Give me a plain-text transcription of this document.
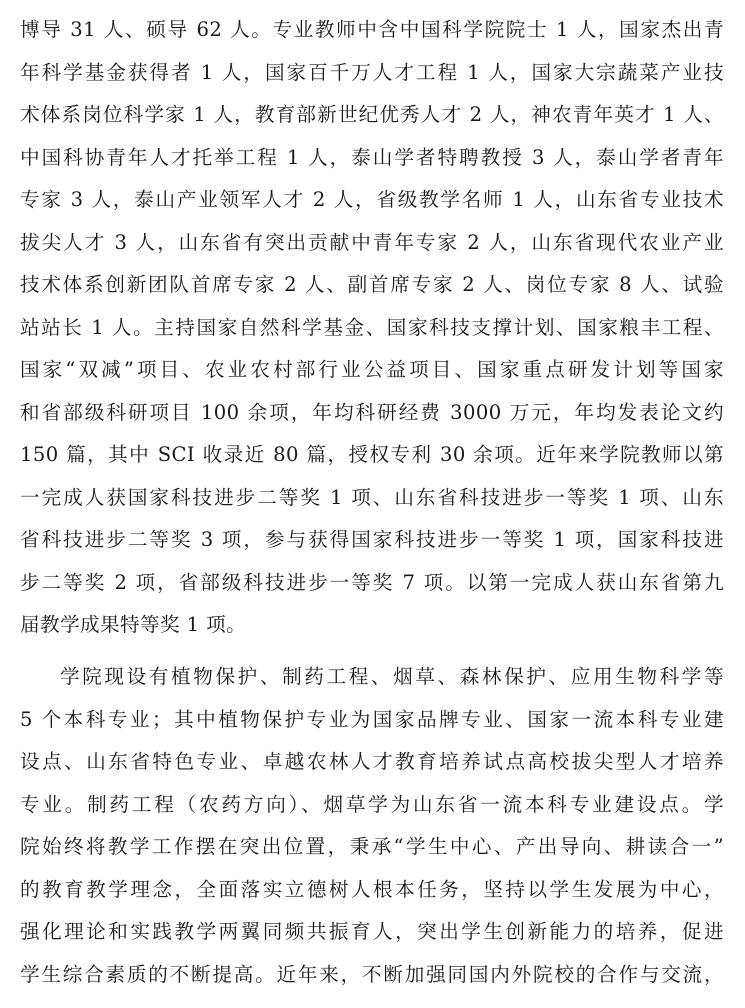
博导 31 人、硕导 62 人。专业教师中含中国科学院院士 1 人，国家杰出青
年科学基金获得者 1 人，国家百千万人才工程 1 人，国家大宗蔬菜产业技
术体系岗位科学家 1 人，教育部新世纪优秀人才 2 人，神农青年英才 1 人、
中国科协青年人才托举工程 1 人，泰山学者特聘教授 3 人，泰山学者青年
专家 3 人，泰山产业领军人才 2 人，省级教学名师 1 人，山东省专业技术
拔尖人才 3 人，山东省有突出贡献中青年专家 2 人，山东省现代农业产业
技术体系创新团队首席专家 2 人、副首席专家 2 人、岗位专家 8 人、试验
站站长 1 人。主持国家自然科学基金、国家科技支撑计划、国家粮丰工程、
国家“双减”项目、农业农村部行业公益项目、国家重点研发计划等国家
和省部级科研项目 100 余项，年均科研经费 3000 万元，年均发表论文约
150 篇，其中 SCI 收录近 80 篇，授权专利 30 余项。近年来学院教师以第
一完成人获国家科技进步二等奖 1 项、山东省科技进步一等奖 1 项、山东
省科技进步二等奖 3 项，参与获得国家科技进步一等奖 1 项，国家科技进
步二等奖 2 项，省部级科技进步一等奖 7 项。以第一完成人获山东省第九
届教学成果特等奖 1 项。
学院现设有植物保护、制药工程、烟草、森林保护、应用生物科学等
5 个本科专业；其中植物保护专业为国家品牌专业、国家一流本科专业建
设点、山东省特色专业、卓越农林人才教育培养试点高校拔尖型人才培养
专业。制药工程（农药方向）、烟草学为山东省一流本科专业建设点。学
院始终将教学工作摆在突出位置，秉承“学生中心、产出导向、耕读合一”
的教育教学理念，全面落实立德树人根本任务，坚持以学生发展为中心，
强化理论和实践教学两翼同频共振育人，突出学生创新能力的培养，促进
学生综合素质的不断提高。近年来，不断加强同国内外院校的合作与交流，
